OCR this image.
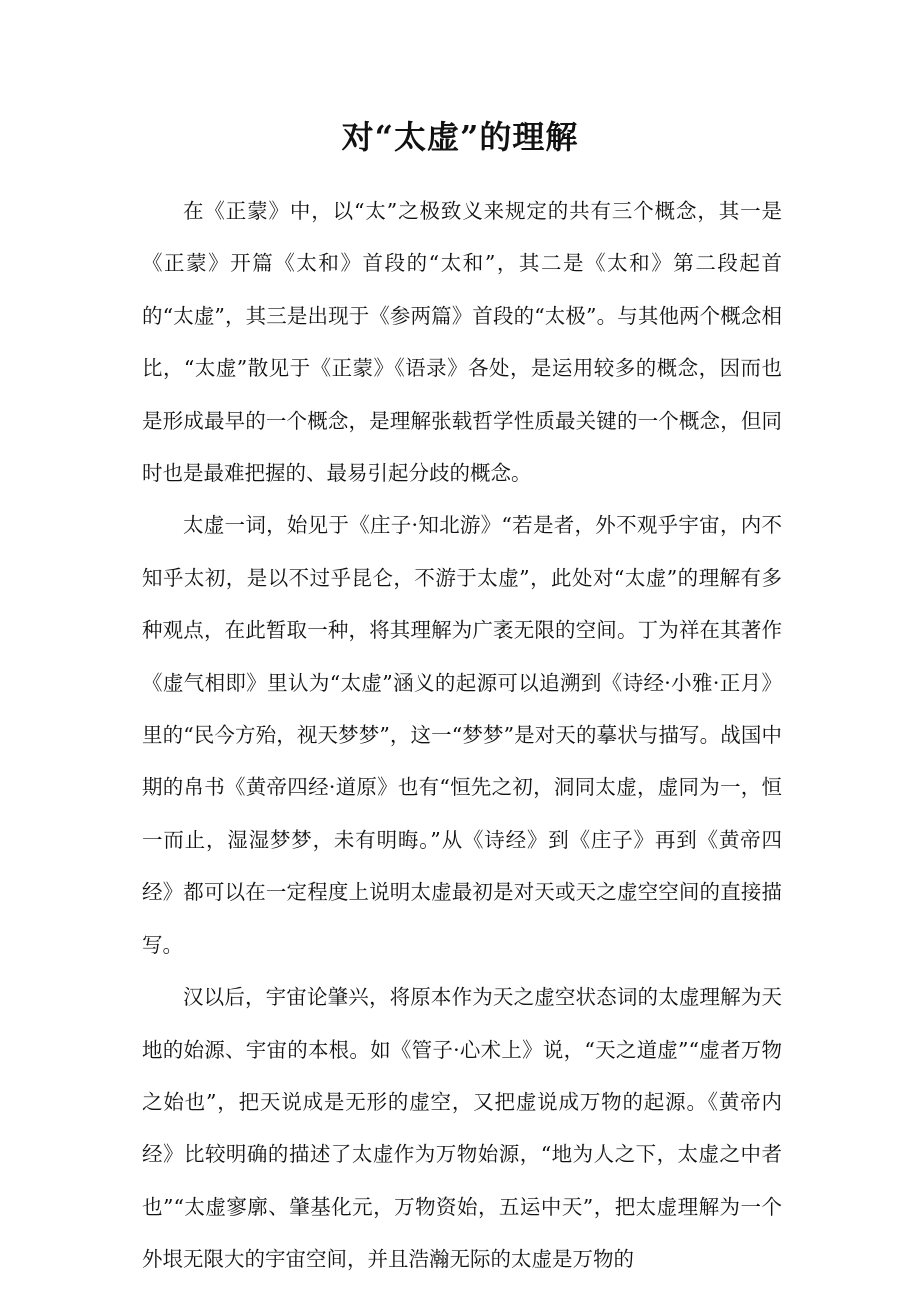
对“太虚”的理解

在《正蒙》中，以“太”之极致义来规定的共有三个概念，其一是《正蒙》开篇《太和》首段的“太和”，其二是《太和》第二段起首的“太虚”，其三是出现于《参两篇》首段的“太极”。与其他两个概念相比，“太虚”散见于《正蒙》《语录》各处，是运用较多的概念，因而也是形成最早的一个概念，是理解张载哲学性质最关键的一个概念，但同时也是最难把握的、最易引起分歧的概念。

太虚一词，始见于《庄子·知北游》“若是者，外不观乎宇宙，内不知乎太初，是以不过乎昆仑，不游于太虚”，此处对“太虚”的理解有多种观点，在此暂取一种，将其理解为广袤无限的空间。丁为祥在其著作《虚气相即》里认为“太虚”涵义的起源可以追溯到《诗经·小雅·正月》里的“民今方殆，视天梦梦”，这一“梦梦”是对天的摹状与描写。战国中期的帛书《黄帝四经·道原》也有“恒先之初，洞同太虚，虚同为一，恒一而止，湿湿梦梦，未有明晦。”从《诗经》到《庄子》再到《黄帝四经》都可以在一定程度上说明太虚最初是对天或天之虚空空间的直接描写。

汉以后，宇宙论肇兴，将原本作为天之虚空状态词的太虚理解为天地的始源、宇宙的本根。如《管子·心术上》说，“天之道虚”“虚者万物之始也”，把天说成是无形的虚空，又把虚说成万物的起源。《黄帝内经》比较明确的描述了太虚作为万物始源，“地为人之下，太虚之中者也”“太虚寥廓、肇基化元，万物资始，五运中天”，把太虚理解为一个外垠无限大的宇宙空间，并且浩瀚无际的太虚是万物的
